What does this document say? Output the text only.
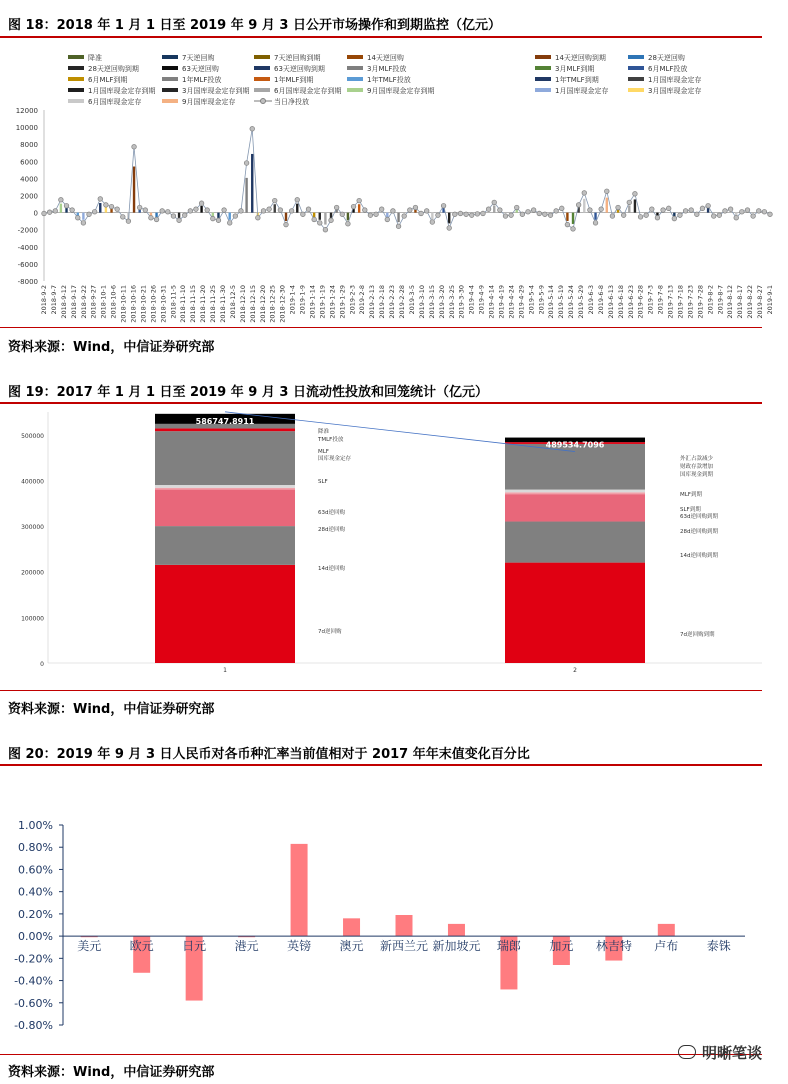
图 18：2018 年 1 月 1 日至 2019 年 9 月 3 日公开市场操作和到期监控（亿元）
降准	7天逆回购	7天逆回购到期	14天逆回购	14天逆回购到期	28天逆回购
28天逆回购到期	63天逆回购	63天逆回购到期	3月MLF投放	3月MLF到期	6月MLF投放
6月MLF到期	1年MLF投放	1年MLF到期	1年TMLF投放	1年TMLF到期	1月国库现金定存
1月国库现金定存到期	3月国库现金定存到期	6月国库现金定存到期	9月国库现金定存到期	1月国库现金定存	3月国库现金定存
6月国库现金定存	9月国库现金定存	当日净投放
12000
10000
8000
6000
4000
2000
0
-2000
-4000
-6000
-8000
2018-9-2 2018-9-7 2018-9-12 2018-9-17 2018-9-22 2018-9-27 2018-10-1 2018-10-6 2018-10-11 2018-10-16 2018-10-21 2018-10-26 2018-10-31 2018-11-5 2018-11-10 2018-11-15 2018-11-20 2018-11-25 2018-11-30 2018-12-5 2018-12-10 2018-12-15 2018-12-20 2018-12-25 2018-12-30 2019-1-4 2019-1-9 2019-1-14 2019-1-19 2019-1-24 2019-1-29 2019-2-3 2019-2-8 2019-2-13 2019-2-18 2019-2-23 2019-2-28 2019-3-5 2019-3-10 2019-3-15 2019-3-20 2019-3-25 2019-3-30 2019-4-4 2019-4-9 2019-4-14 2019-4-19 2019-4-24 2019-4-29 2019-5-4 2019-5-9 2019-5-14 2019-5-19 2019-5-24 2019-5-29 2019-6-3 2019-6-8 2019-6-13 2019-6-18 2019-6-23 2019-6-28 2019-7-3 2019-7-8 2019-7-13 2019-7-18 2019-7-23 2019-7-28 2019-8-2 2019-8-7 2019-8-12 2019-8-17 2019-8-22 2019-8-27 2019-9-1
资料来源：Wind，中信证券研究部
图 19：2017 年 1 月 1 日至 2019 年 9 月 3 日流动性投放和回笼统计（亿元）
500000
400000
300000
200000
100000
0
1
586747.8911
2
489534.7096
降准
TMLF投放
MLF
国库现金定存
SLF
63d逆回购
28d逆回购
14d逆回购
7d逆回购
外汇占款减少
财政存款增加
国库现金到期
MLF到期
SLF到期
63d逆回购到期
28d逆回购到期
14d逆回购到期
7d逆回购到期
资料来源：Wind，中信证券研究部
图 20：2019 年 9 月 3 日人民币对各币种汇率当前值相对于 2017 年年末值变化百分比
1.00%
0.80%
0.60%
0.40%
0.20%
0.00%
-0.20%
-0.40%
-0.60%
-0.80%
美元 欧元 日元 港元 英镑 澳元 新西兰元 新加坡元 瑞郎 加元 林吉特 卢布 泰铢
资料来源：Wind，中信证券研究部
明晰笔谈
